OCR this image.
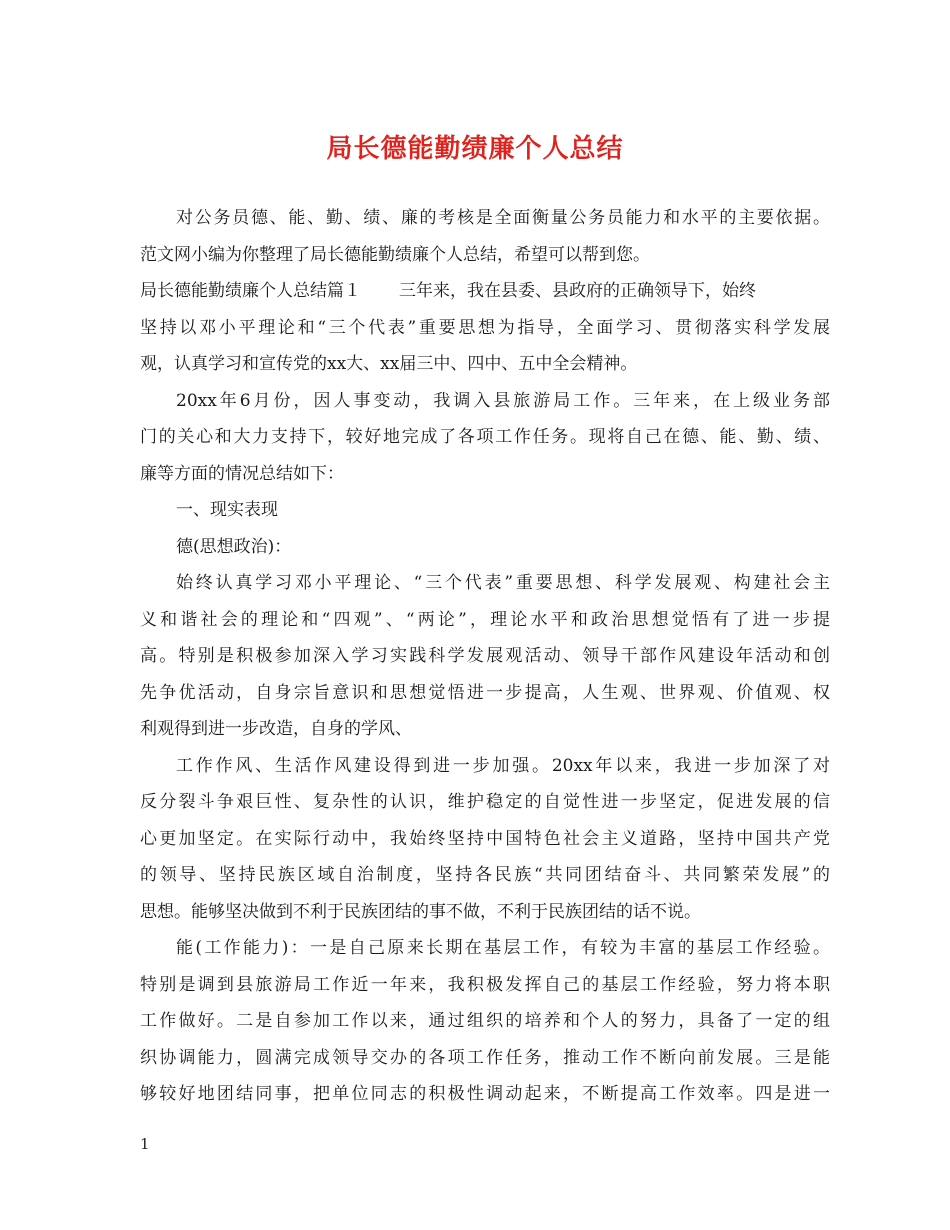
局长德能勤绩廉个人总结
对公务员德、能、勤、绩、廉的考核是全面衡量公务员能力和水平的主要依据。
范文网小编为你整理了局长德能勤绩廉个人总结，希望可以帮到您。
局长德能勤绩廉个人总结篇１ 三年来，我在县委、县政府的正确领导下，始终
坚持以邓小平理论和“三个代表”重要思想为指导，全面学习、贯彻落实科学发展
观，认真学习和宣传党的xx大、xx届三中、四中、五中全会精神。
20xx年6月份，因人事变动，我调入县旅游局工作。三年来，在上级业务部
门的关心和大力支持下，较好地完成了各项工作任务。现将自己在德、能、勤、绩、
廉等方面的情况总结如下：
一、现实表现
德(思想政治)：
始终认真学习邓小平理论、“三个代表”重要思想、科学发展观、构建社会主
义和谐社会的理论和“四观”、“两论”，理论水平和政治思想觉悟有了进一步提
高。特别是积极参加深入学习实践科学发展观活动、领导干部作风建设年活动和创
先争优活动，自身宗旨意识和思想觉悟进一步提高，人生观、世界观、价值观、权
利观得到进一步改造，自身的学风、
工作作风、生活作风建设得到进一步加强。20xx年以来，我进一步加深了对
反分裂斗争艰巨性、复杂性的认识，维护稳定的自觉性进一步坚定，促进发展的信
心更加坚定。在实际行动中，我始终坚持中国特色社会主义道路，坚持中国共产党
的领导、坚持民族区域自治制度，坚持各民族“共同团结奋斗、共同繁荣发展”的
思想。能够坚决做到不利于民族团结的事不做，不利于民族团结的话不说。
能(工作能力)：一是自己原来长期在基层工作，有较为丰富的基层工作经验。
特别是调到县旅游局工作近一年来，我积极发挥自己的基层工作经验，努力将本职
工作做好。二是自参加工作以来，通过组织的培养和个人的努力，具备了一定的组
织协调能力，圆满完成领导交办的各项工作任务，推动工作不断向前发展。三是能
够较好地团结同事，把单位同志的积极性调动起来，不断提高工作效率。四是进一
1
